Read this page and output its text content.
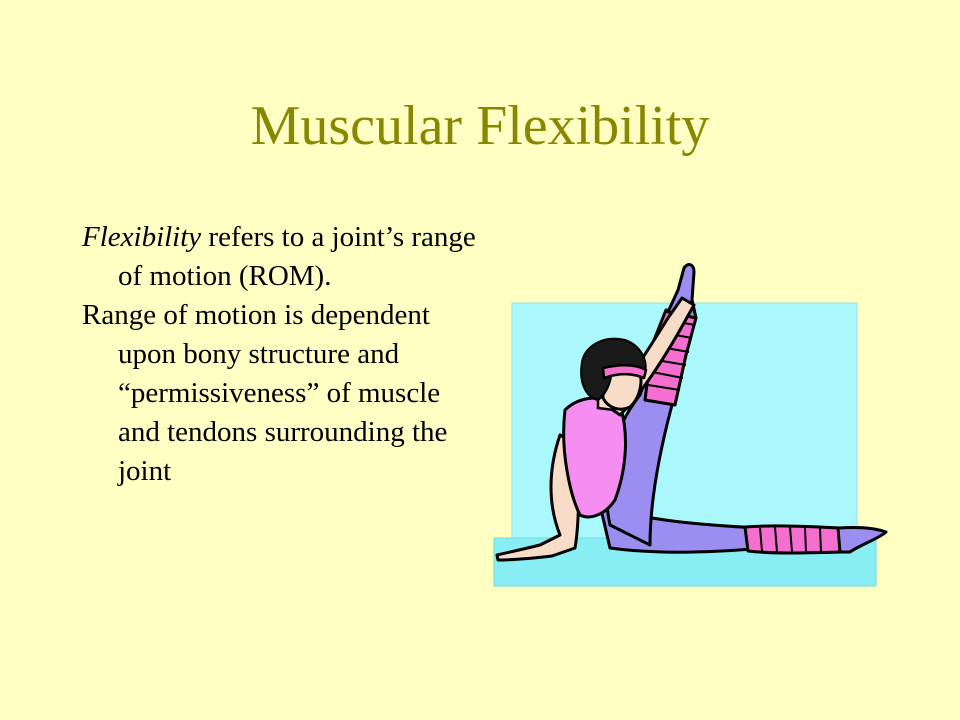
Muscular Flexibility

Flexibility refers to a joint’s range of motion (ROM).

Range of motion is dependent upon bony structure and “permissiveness” of muscle and tendons surrounding the joint
